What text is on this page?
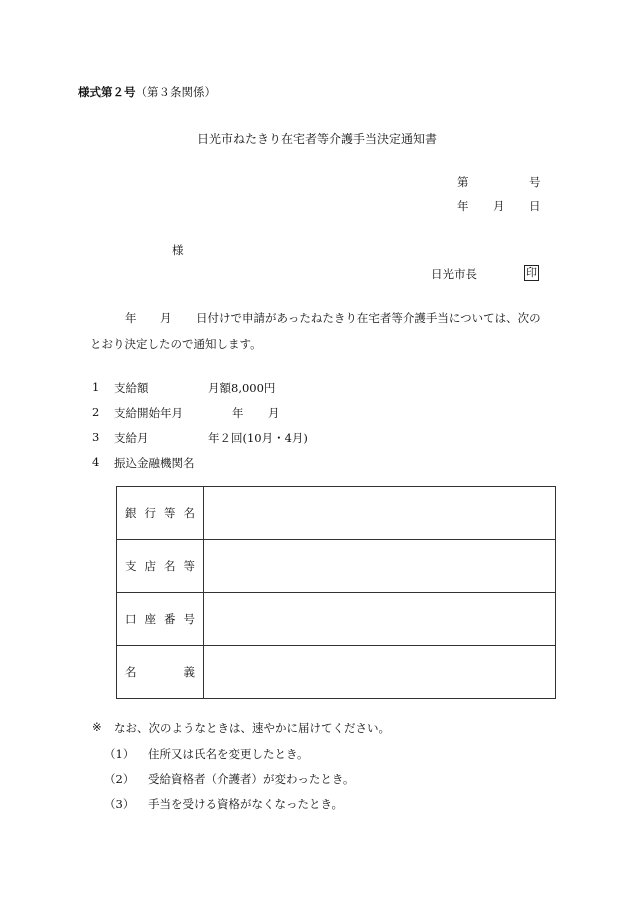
様式第２号（第３条関係）
日光市ねたきり在宅者等介護手当決定通知書
第	号
年 月 日
様
日光市長	印
年 月 日付けで申請があったねたきり在宅者等介護手当については、次の
とおり決定したので通知します。
1 支給額	月額8,000円
2 支給開始年月	年 月
3 支給月	年２回(10月・4月)
4 振込金融機関名
銀 行 等 名	

支 店 名 等	

口 座 番 号	

名 義	

※ なお、次のようなときは、速やかに届けてください。
（1） 住所又は氏名を変更したとき。
（2） 受給資格者（介護者）が変わったとき。
（3） 手当を受ける資格がなくなったとき。
